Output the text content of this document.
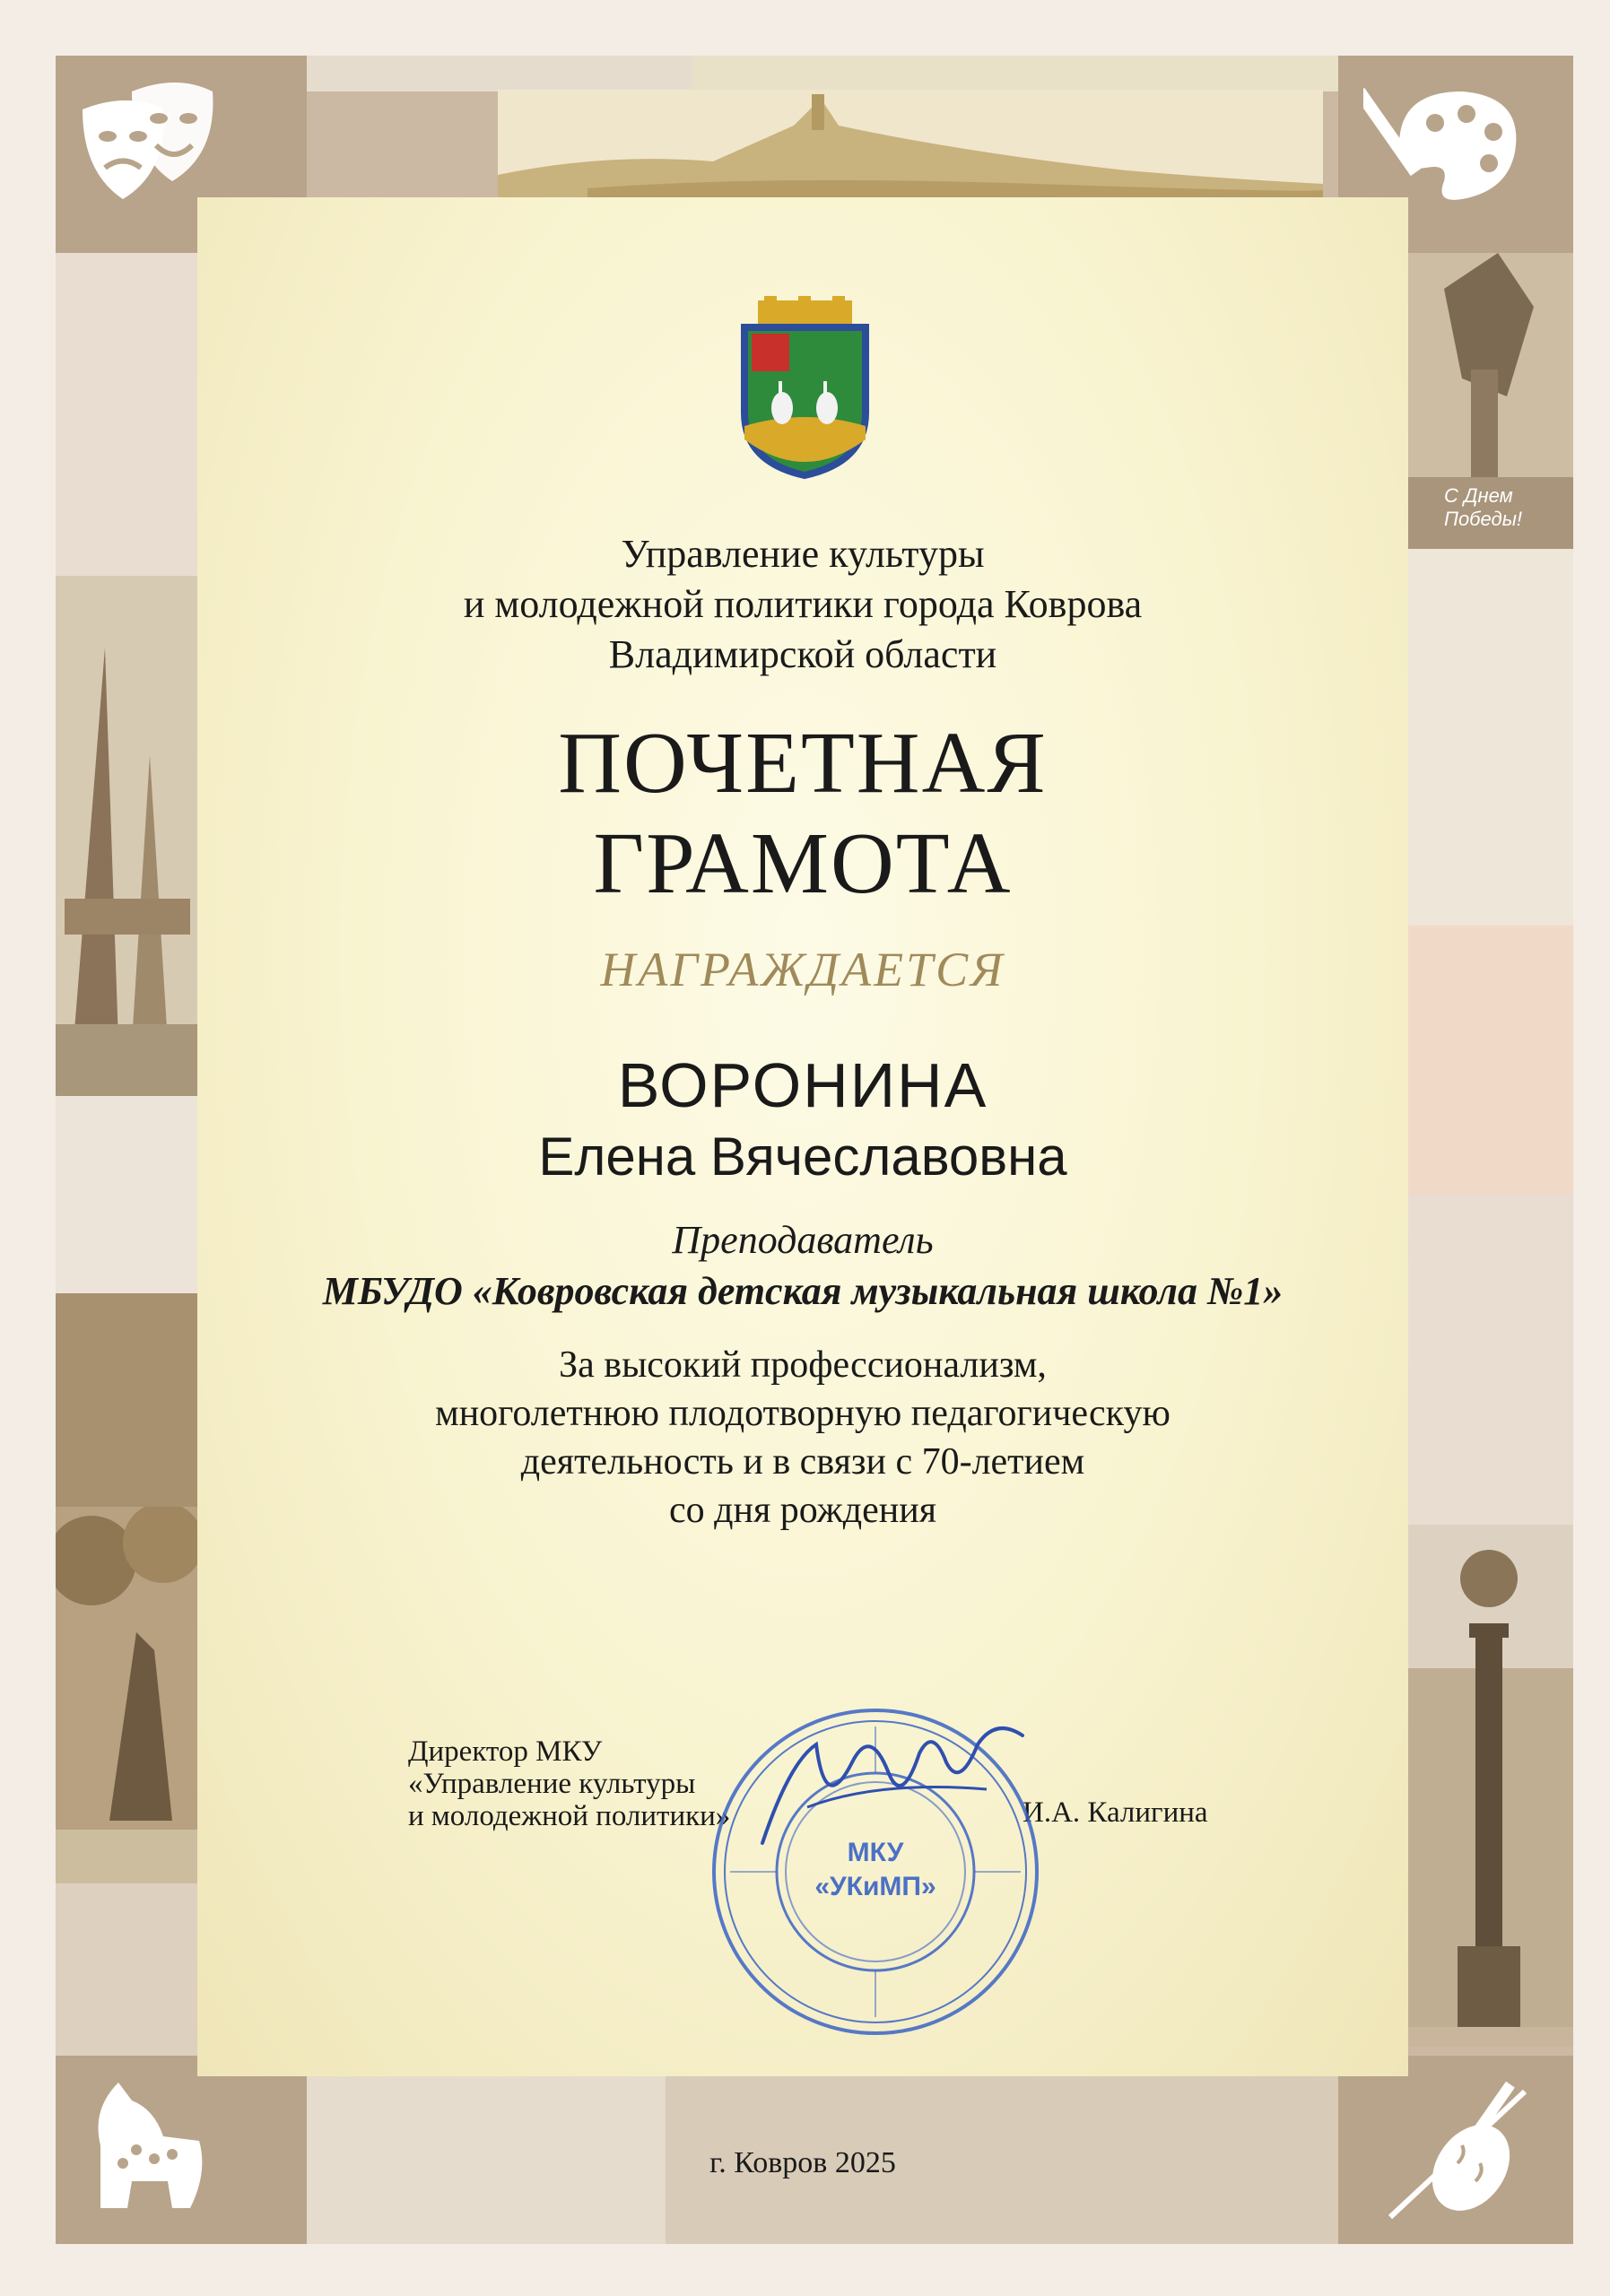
С Днем Победы!
Управление культуры
и молодежной политики города Коврова
Владимирской области
ПОЧЕТНАЯ
ГРАМОТА
НАГРАЖДАЕТСЯ
ВОРОНИНА
Елена Вячеславовна
Преподаватель
МБУДО «Ковровская детская музыкальная школа №1»
За высокий профессионализм,
многолетнюю плодотворную педагогическую
деятельность и в связи с 70-летием
со дня рождения
Директор МКУ
«Управление культуры
и молодежной политики»	И.А. Калигина
МКУ
«УКиМП»
г. Ковров 2025
